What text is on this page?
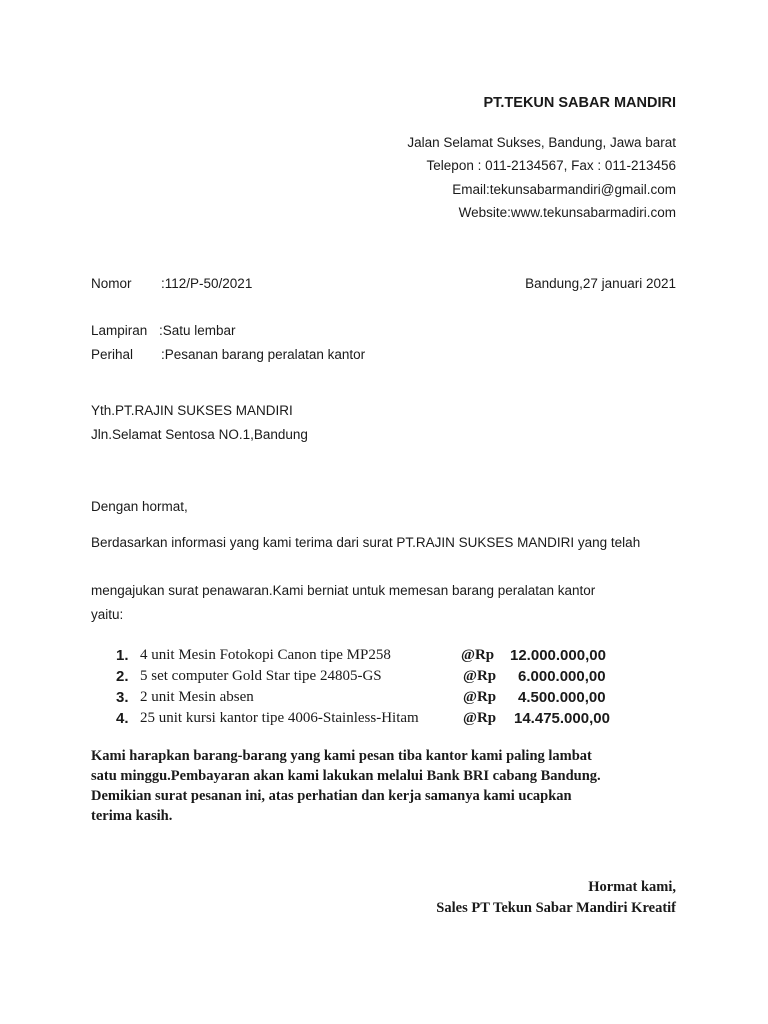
PT.TEKUN SABAR MANDIRI
Jalan Selamat Sukses, Bandung, Jawa barat
Telepon : 011-2134567, Fax : 011-213456
Email:tekunsabarmandiri@gmail.com
Website:www.tekunsabarmadiri.com
Nomor :112/P-50/2021	Bandung,27 januari 2021
Lampiran :Satu lembar
Perihal :Pesanan barang peralatan kantor
Yth.PT.RAJIN SUKSES MANDIRI
Jln.Selamat Sentosa NO.1,Bandung
Dengan hormat,
Berdasarkan informasi yang kami terima dari surat PT.RAJIN SUKSES MANDIRI yang telah
mengajukan surat penawaran.Kami berniat untuk memesan barang peralatan kantor
yaitu:
1. 4 unit Mesin Fotokopi Canon tipe MP258	@Rp 12.000.000,00
2. 5 set computer Gold Star tipe 24805-GS	@Rp 6.000.000,00
3. 2 unit Mesin absen	@Rp 4.500.000,00
4. 25 unit kursi kantor tipe 4006-Stainless-Hitam	@Rp 14.475.000,00
Kami harapkan barang-barang yang kami pesan tiba kantor kami paling lambat
satu minggu.Pembayaran akan kami lakukan melalui Bank BRI cabang Bandung.
Demikian surat pesanan ini, atas perhatian dan kerja samanya kami ucapkan
terima kasih.
Hormat kami,
Sales PT Tekun Sabar Mandiri Kreatif
